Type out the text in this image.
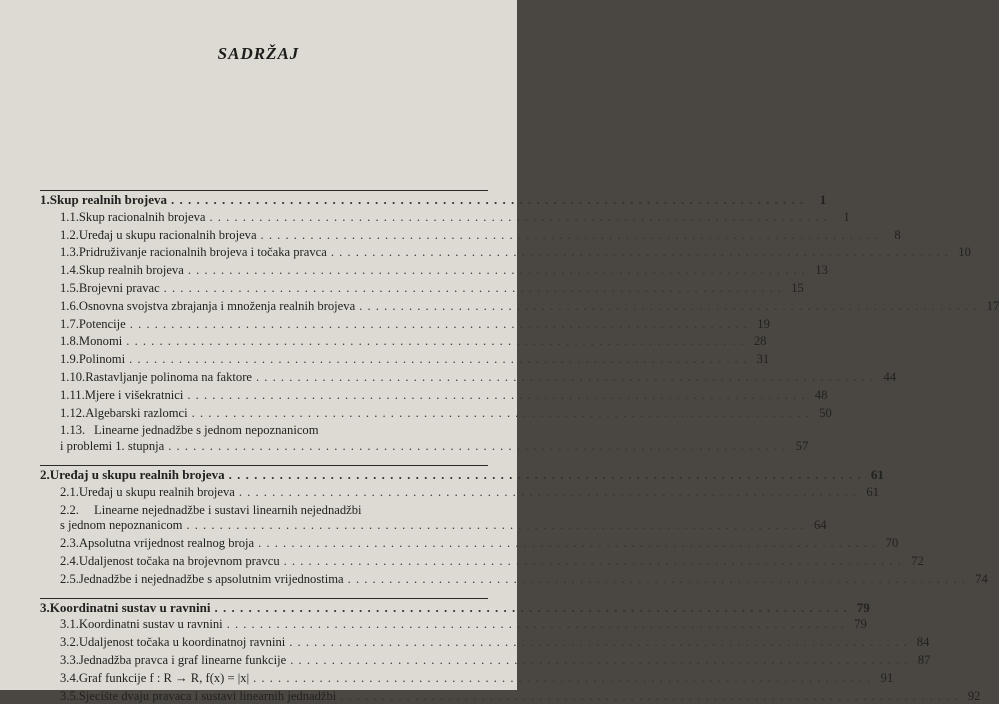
SADRŽAJ
1. Skup realnih brojeva . . . . . . . . . . . . . . . . . . . . . . . . . . . . . . . . . . . . . . . . . . . . . . . . . . . . . . . . . . . . . . . . . . . . . . . . . . .	1
1.1. Skup racionalnih brojeva . . . . . . . . . . . . . . . . . . . . . . . . . . . . . . . . . . . . . . . . . . . . . . . . . . . . . . . . . . . . . . . . . . . . . . . . . . .	1
1.2. Uređaj u skupu racionalnih brojeva . . . . . . . . . . . . . . . . . . . . . . . . . . . . . . . . . . . . . . . . . . . . . . . . . . . . . . . . . . . . . . . . . . . . . . . . . . .	8
1.3. Pridruživanje racionalnih brojeva i točaka pravca . . . . . . . . . . . . . . . . . . . . . . . . . . . . . . . . . . . . . . . . . . . . . . . . . . . . . . . . . . . . . . . . . . . . . . . . . . . 10
1.4. Skup realnih brojeva . . . . . . . . . . . . . . . . . . . . . . . . . . . . . . . . . . . . . . . . . . . . . . . . . . . . . . . . . . . . . . . . . . . . . . . . . . . 13
1.5. Brojevni pravac . . . . . . . . . . . . . . . . . . . . . . . . . . . . . . . . . . . . . . . . . . . . . . . . . . . . . . . . . . . . . . . . . . . . . . . . . . . 15
1.6. Osnovna svojstva zbrajanja i množenja realnih brojeva . . . . . . . . . . . . . . . . . . . . . . . . . . . . . . . . . . . . . . . . . . . . . . . . . . . . . . . . . . . . . . . . . . . . . . . . . . . 17
1.7. Potencije . . . . . . . . . . . . . . . . . . . . . . . . . . . . . . . . . . . . . . . . . . . . . . . . . . . . . . . . . . . . . . . . . . . . . . . . . . . 19
1.8. Monomi . . . . . . . . . . . . . . . . . . . . . . . . . . . . . . . . . . . . . . . . . . . . . . . . . . . . . . . . . . . . . . . . . . . . . . . . . . . 28
1.9. Polinomi . . . . . . . . . . . . . . . . . . . . . . . . . . . . . . . . . . . . . . . . . . . . . . . . . . . . . . . . . . . . . . . . . . . . . . . . . . . 31
1.10. Rastavljanje polinoma na faktore . . . . . . . . . . . . . . . . . . . . . . . . . . . . . . . . . . . . . . . . . . . . . . . . . . . . . . . . . . . . . . . . . . . . . . . . . . . 44
1.11. Mjere i višekratnici . . . . . . . . . . . . . . . . . . . . . . . . . . . . . . . . . . . . . . . . . . . . . . . . . . . . . . . . . . . . . . . . . . . . . . . . . . . 48
1.12. Algebarski razlomci . . . . . . . . . . . . . . . . . . . . . . . . . . . . . . . . . . . . . . . . . . . . . . . . . . . . . . . . . . . . . . . . . . . . . . . . . . . 50
1.13. Linearne jednadžbe s jednom nepoznanicom
i problemi 1. stupnja . . . . . . . . . . . . . . . . . . . . . . . . . . . . . . . . . . . . . . . . . . . . . . . . . . . . . . . . . . . . . . . . . . . . . . . . . . . 57
2. Uređaj u skupu realnih brojeva . . . . . . . . . . . . . . . . . . . . . . . . . . . . . . . . . . . . . . . . . . . . . . . . . . . . . . . . . . . . . . . . . . . . . . . . . . . 61
2.1. Uređaj u skupu realnih brojeva . . . . . . . . . . . . . . . . . . . . . . . . . . . . . . . . . . . . . . . . . . . . . . . . . . . . . . . . . . . . . . . . . . . . . . . . . . . 61
2.2.	Linearne nejednadžbe i sustavi linearnih nejednadžbi
s jednom nepoznanicom . . . . . . . . . . . . . . . . . . . . . . . . . . . . . . . . . . . . . . . . . . . . . . . . . . . . . . . . . . . . . . . . . . . . . . . . . . . 64
2.3. Apsolutna vrijednost realnog broja . . . . . . . . . . . . . . . . . . . . . . . . . . . . . . . . . . . . . . . . . . . . . . . . . . . . . . . . . . . . . . . . . . . . . . . . . . . 70
2.4. Udaljenost točaka na brojevnom pravcu . . . . . . . . . . . . . . . . . . . . . . . . . . . . . . . . . . . . . . . . . . . . . . . . . . . . . . . . . . . . . . . . . . . . . . . . . . . 72
2.5. Jednadžbe i nejednadžbe s apsolutnim vrijednostima . . . . . . . . . . . . . . . . . . . . . . . . . . . . . . . . . . . . . . . . . . . . . . . . . . . . . . . . . . . . . . . . . . . . . . . . . . . 74
3. Koordinatni sustav u ravnini . . . . . . . . . . . . . . . . . . . . . . . . . . . . . . . . . . . . . . . . . . . . . . . . . . . . . . . . . . . . . . . . . . . . . . . . . . . 79
3.1. Koordinatni sustav u ravnini . . . . . . . . . . . . . . . . . . . . . . . . . . . . . . . . . . . . . . . . . . . . . . . . . . . . . . . . . . . . . . . . . . . . . . . . . . . 79
3.2. Udaljenost točaka u koordinatnoj ravnini . . . . . . . . . . . . . . . . . . . . . . . . . . . . . . . . . . . . . . . . . . . . . . . . . . . . . . . . . . . . . . . . . . . . . . . . . . . 84
3.3. Jednadžba pravca i graf linearne funkcije . . . . . . . . . . . . . . . . . . . . . . . . . . . . . . . . . . . . . . . . . . . . . . . . . . . . . . . . . . . . . . . . . . . . . . . . . . . 87
3.4. Graf funkcije f : R → R, f(x) = |x| . . . . . . . . . . . . . . . . . . . . . . . . . . . . . . . . . . . . . . . . . . . . . . . . . . . . . . . . . . . . . . . . . . . . . . . . . . . 91
3.5. Sjecište dvaju pravaca i sustavi linearnih jednadžbi . . . . . . . . . . . . . . . . . . . . . . . . . . . . . . . . . . . . . . . . . . . . . . . . . . . . . . . . . . . . . . . . . . . . . . . . . . . 92
